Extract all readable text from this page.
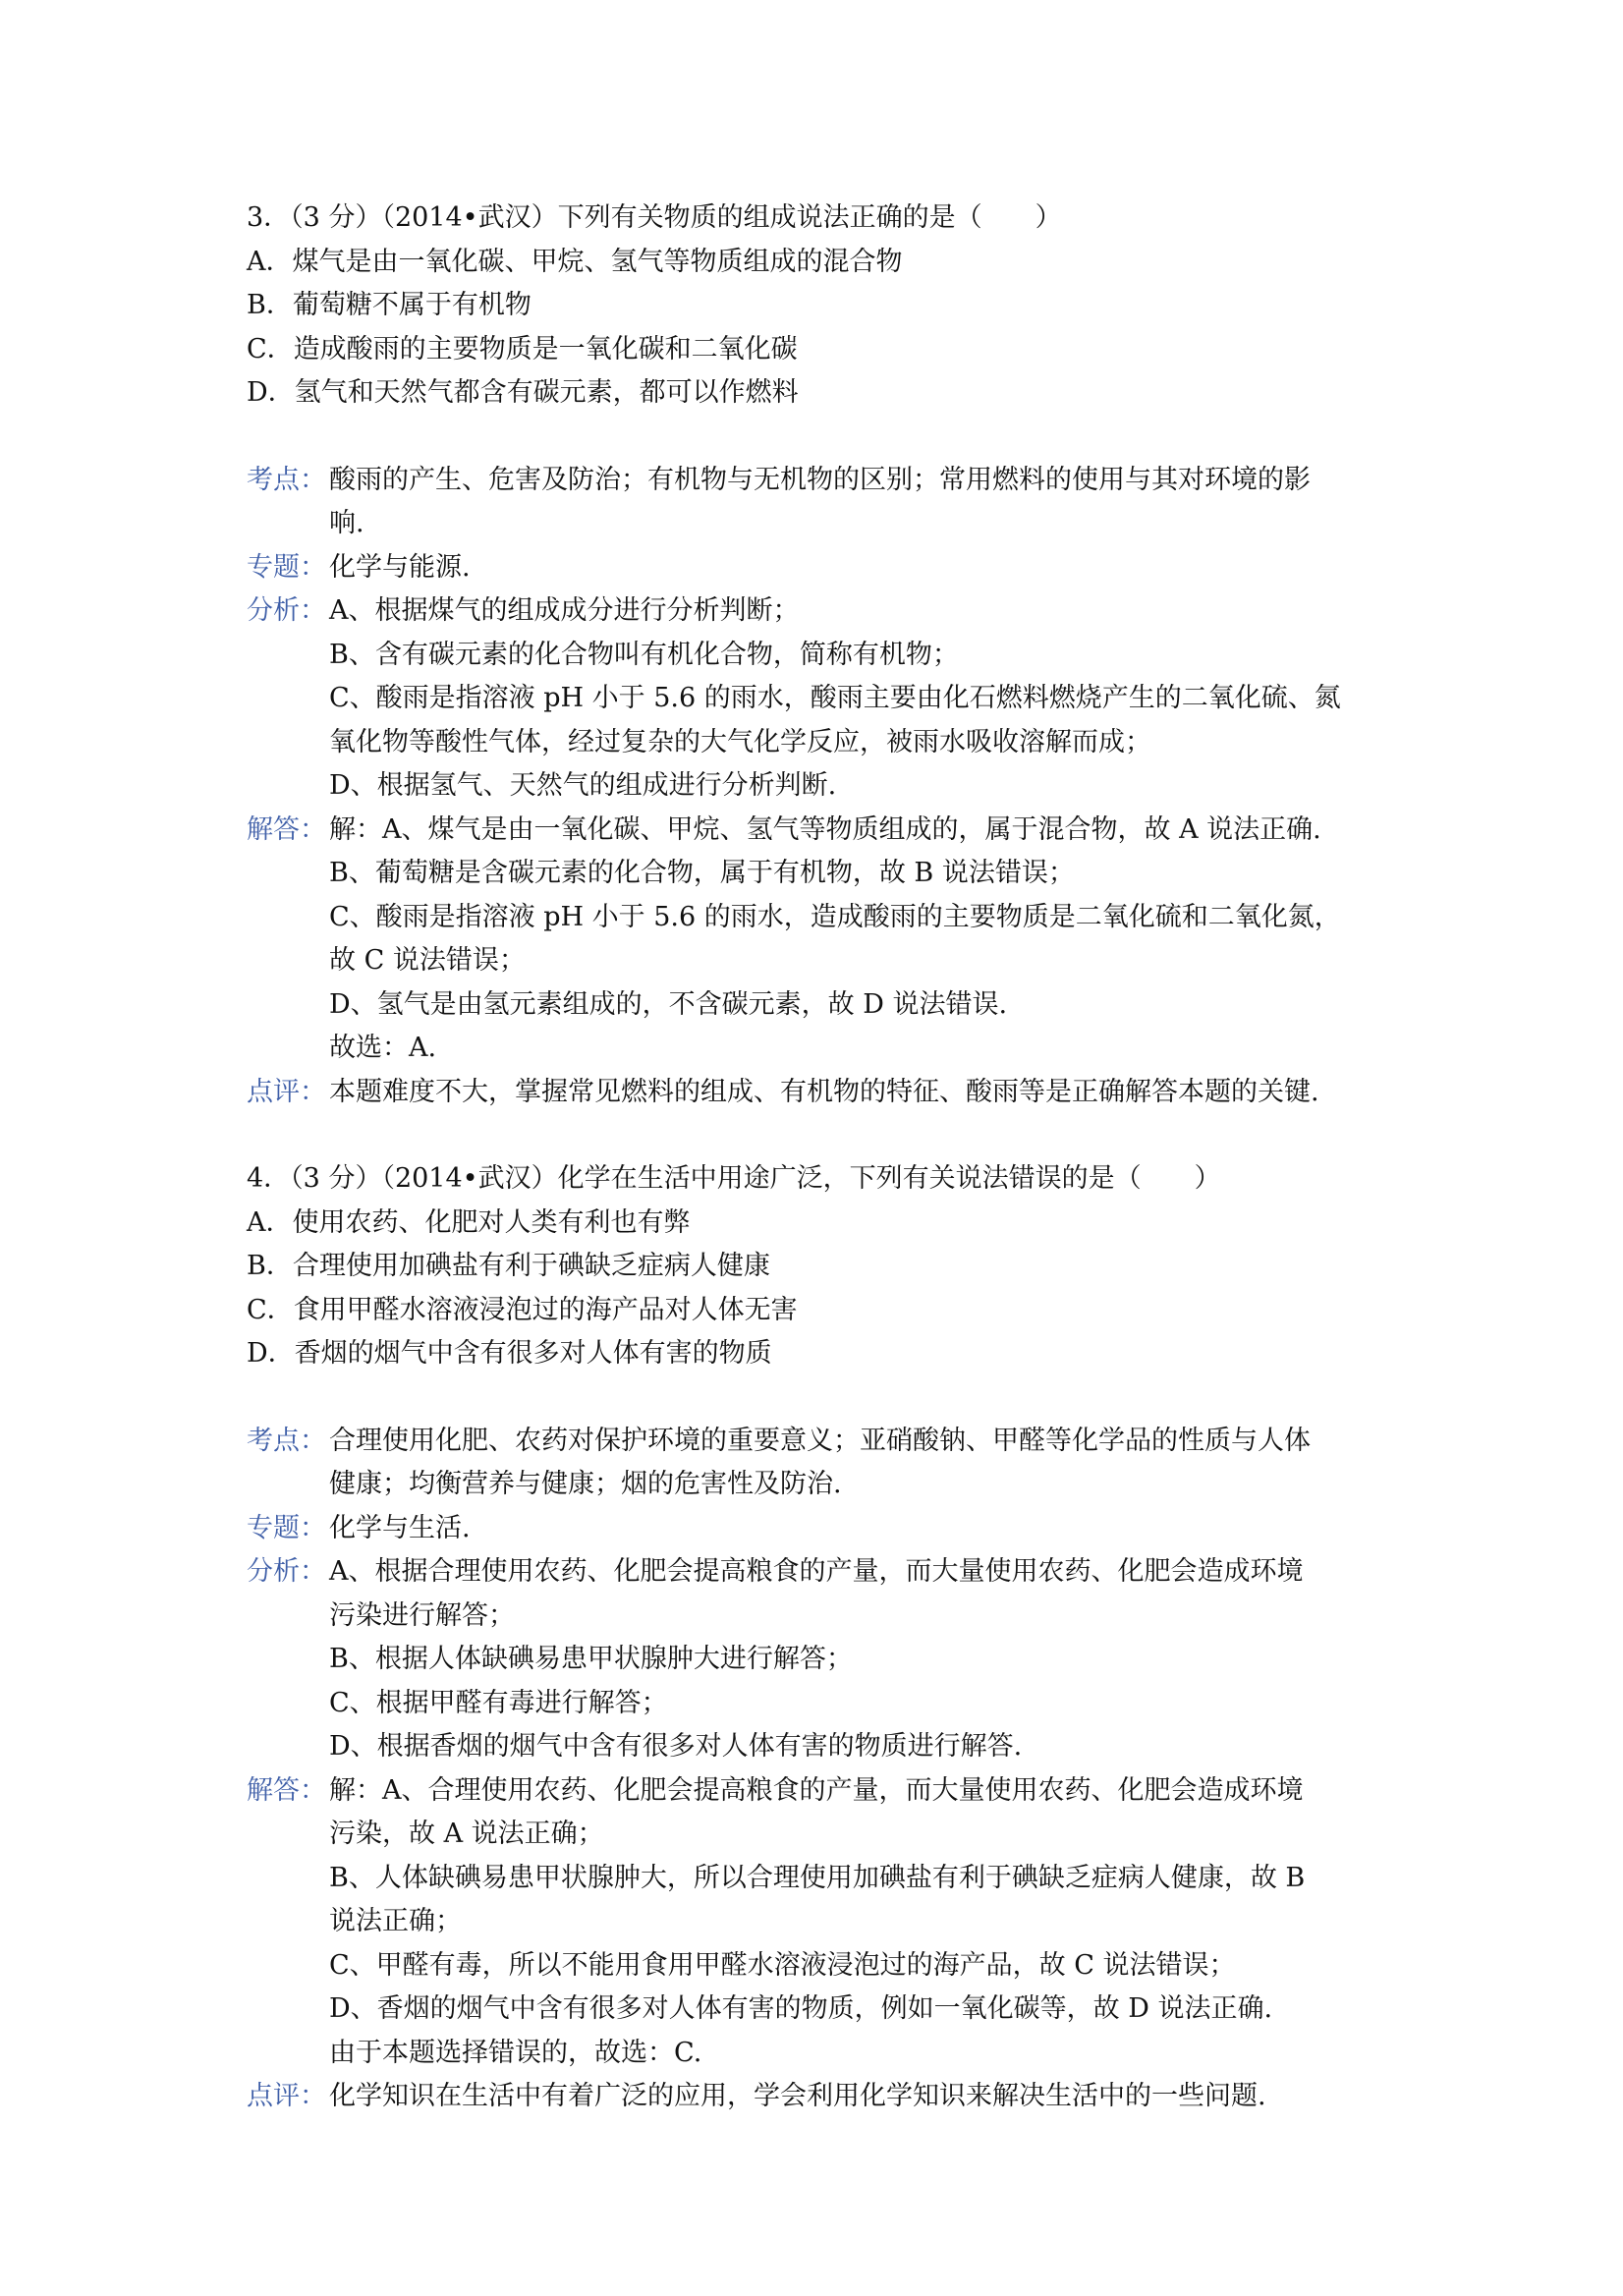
3．（3 分）（2014•武汉）下列有关物质的组成说法正确的是（　　）
A．煤气是由一氧化碳、甲烷、氢气等物质组成的混合物
B．葡萄糖不属于有机物
C．造成酸雨的主要物质是一氧化碳和二氧化碳
D．氢气和天然气都含有碳元素，都可以作燃料
考点： 酸雨的产生、危害及防治；有机物与无机物的区别；常用燃料的使用与其对环境的影
响.
专题： 化学与能源.
分析： A、根据煤气的组成成分进行分析判断；
B、含有碳元素的化合物叫有机化合物，简称有机物；
C、酸雨是指溶液 pH 小于 5.6 的雨水，酸雨主要由化石燃料燃烧产生的二氧化硫、氮
氧化物等酸性气体，经过复杂的大气化学反应，被雨水吸收溶解而成；
D、根据氢气、天然气的组成进行分析判断.
解答： 解：A、煤气是由一氧化碳、甲烷、氢气等物质组成的，属于混合物，故 A 说法正确.
B、葡萄糖是含碳元素的化合物，属于有机物，故 B 说法错误；
C、酸雨是指溶液 pH 小于 5.6 的雨水，造成酸雨的主要物质是二氧化硫和二氧化氮，
故 C 说法错误；
D、氢气是由氢元素组成的，不含碳元素，故 D 说法错误.
故选：A.
点评： 本题难度不大，掌握常见燃料的组成、有机物的特征、酸雨等是正确解答本题的关键.
4．（3 分）（2014•武汉）化学在生活中用途广泛，下列有关说法错误的是（　　）
A．使用农药、化肥对人类有利也有弊
B．合理使用加碘盐有利于碘缺乏症病人健康
C．食用甲醛水溶液浸泡过的海产品对人体无害
D．香烟的烟气中含有很多对人体有害的物质
考点： 合理使用化肥、农药对保护环境的重要意义；亚硝酸钠、甲醛等化学品的性质与人体
健康；均衡营养与健康；烟的危害性及防治.
专题： 化学与生活.
分析： A、根据合理使用农药、化肥会提高粮食的产量，而大量使用农药、化肥会造成环境
污染进行解答；
B、根据人体缺碘易患甲状腺肿大进行解答；
C、根据甲醛有毒进行解答；
D、根据香烟的烟气中含有很多对人体有害的物质进行解答.
解答： 解：A、合理使用农药、化肥会提高粮食的产量，而大量使用农药、化肥会造成环境
污染，故 A 说法正确；
B、人体缺碘易患甲状腺肿大，所以合理使用加碘盐有利于碘缺乏症病人健康，故 B
说法正确；
C、甲醛有毒，所以不能用食用甲醛水溶液浸泡过的海产品，故 C 说法错误；
D、香烟的烟气中含有很多对人体有害的物质，例如一氧化碳等，故 D 说法正确.
由于本题选择错误的，故选：C.
点评： 化学知识在生活中有着广泛的应用，学会利用化学知识来解决生活中的一些问题.
